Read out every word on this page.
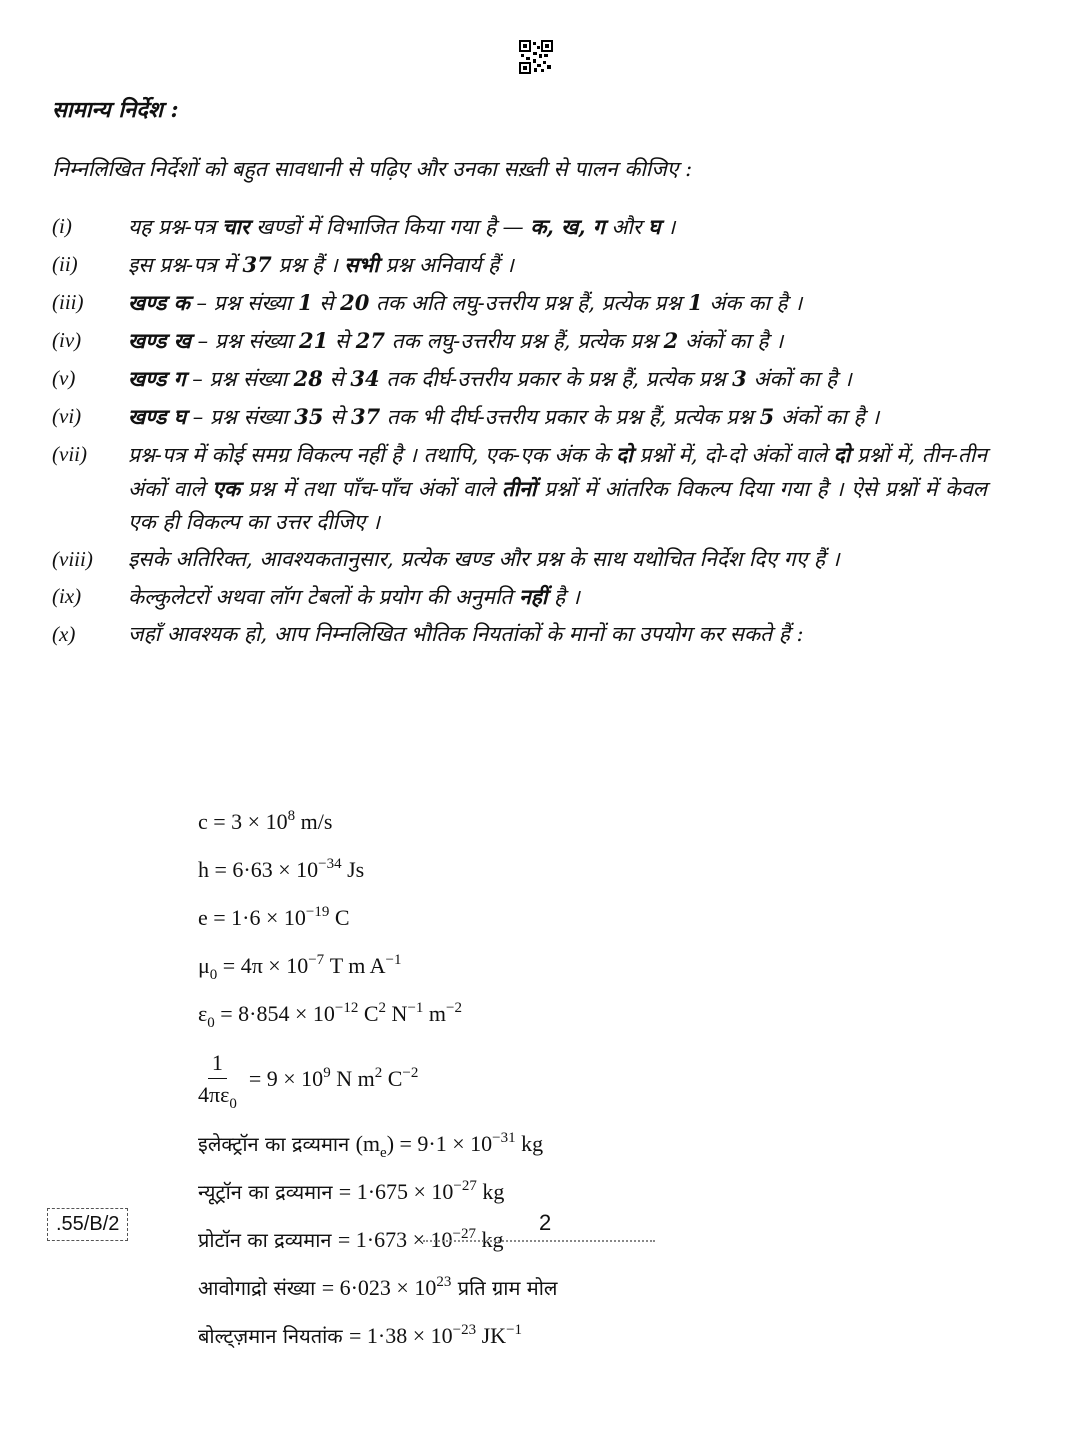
सामान्य निर्देश :
निम्नलिखित निर्देशों को बहुत सावधानी से पढ़िए और उनका सख़्ती से पालन कीजिए :
(i)	यह प्रश्न-पत्र चार खण्डों में विभाजित किया गया है — क, ख, ग और घ ।
(ii)	इस प्रश्न-पत्र में 37 प्रश्न हैं । सभी प्रश्न अनिवार्य हैं ।
(iii)	खण्ड क – प्रश्न संख्या 1 से 20 तक अति लघु-उत्तरीय प्रश्न हैं, प्रत्येक प्रश्न 1 अंक का है ।
(iv)	खण्ड ख – प्रश्न संख्या 21 से 27 तक लघु-उत्तरीय प्रश्न हैं, प्रत्येक प्रश्न 2 अंकों का है ।
(v)	खण्ड ग – प्रश्न संख्या 28 से 34 तक दीर्घ-उत्तरीय प्रकार के प्रश्न हैं, प्रत्येक प्रश्न 3 अंकों का है ।
(vi)	खण्ड घ – प्रश्न संख्या 35 से 37 तक भी दीर्घ-उत्तरीय प्रकार के प्रश्न हैं, प्रत्येक प्रश्न 5 अंकों का है ।
(vii)	प्रश्न-पत्र में कोई समग्र विकल्प नहीं है । तथापि, एक-एक अंक के दो प्रश्नों में, दो-दो अंकों वाले दो प्रश्नों में, तीन-तीन अंकों वाले एक प्रश्न में तथा पाँच-पाँच अंकों वाले तीनों प्रश्नों में आंतरिक विकल्प दिया गया है । ऐसे प्रश्नों में केवल एक ही विकल्प का उत्तर दीजिए ।
(viii)	इसके अतिरिक्त, आवश्यकतानुसार, प्रत्येक खण्ड और प्रश्न के साथ यथोचित निर्देश दिए गए हैं ।
(ix)	केल्कुलेटरों अथवा लॉग टेबलों के प्रयोग की अनुमति नहीं है ।
(x)	जहाँ आवश्यक हो, आप निम्नलिखित भौतिक नियतांकों के मानों का उपयोग कर सकते हैं :
$c = 3 \times 10^8$ m/s
$h = 6\cdot 63 \times 10^{-34}$ Js
$e = 1\cdot 6 \times 10^{-19}$ C
$\mu_0 = 4\pi \times 10^{-7}$ T m $A^{-1}$
$\varepsilon_0 = 8\cdot 854 \times 10^{-12}$ $C^2$ $N^{-1}$ $m^{-2}$
$\frac{1}{4\pi\varepsilon_0} = 9 \times 10^9$ N $m^2$ $C^{-2}$
इलेक्ट्रॉन का द्रव्यमान $(m_e) = 9\cdot 1 \times 10^{-31}$ kg
न्यूट्रॉन का द्रव्यमान = $1\cdot 675 \times 10^{-27}$ kg
प्रोटॉन का द्रव्यमान = $1\cdot 673 \times 10^{-27}$ kg
आवोगाद्रो संख्या = $6\cdot 023 \times 10^{23}$ प्रति ग्राम मोल
बोल्ट्ज़मान नियतांक = $1\cdot 38 \times 10^{-23}$ $JK^{-1}$
.55/B/2	2
